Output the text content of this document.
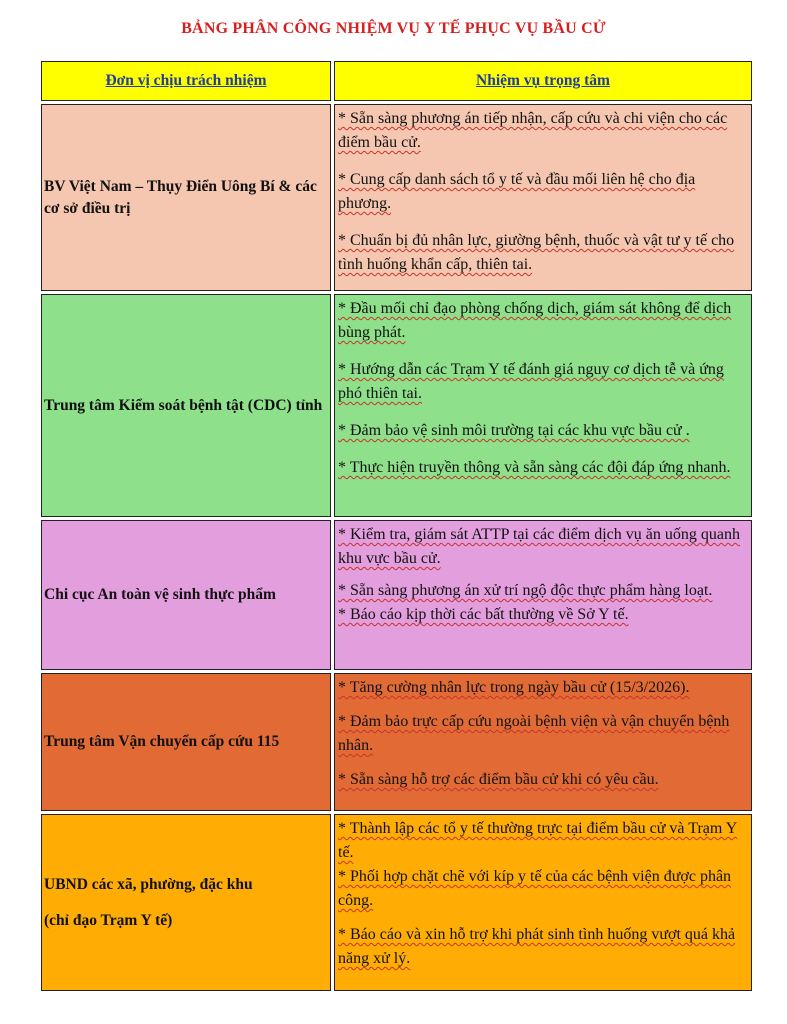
BẢNG PHÂN CÔNG NHIỆM VỤ Y TẾ PHỤC VỤ BẦU CỬ
Đơn vị chịu trách nhiệm	Nhiệm vụ trọng tâm

BV Việt Nam – Thụy Điển Uông Bí & các cơ sở điều trị

* Sẵn sàng phương án tiếp nhận, cấp cứu và chi viện cho các điểm bầu cử.

* Cung cấp danh sách tổ y tế và đầu mối liên hệ cho địa phương.

* Chuẩn bị đủ nhân lực, giường bệnh, thuốc và vật tư y tế cho tình huống khẩn cấp, thiên tai.

Trung tâm Kiểm soát bệnh tật (CDC) tỉnh

* Đầu mối chỉ đạo phòng chống dịch, giám sát không để dịch bùng phát.

* Hướng dẫn các Trạm Y tế đánh giá nguy cơ dịch tễ và ứng phó thiên tai.

* Đảm bảo vệ sinh môi trường tại các khu vực bầu cử .

* Thực hiện truyền thông và sẵn sàng các đội đáp ứng nhanh.

Chi cục An toàn vệ sinh thực phẩm

* Kiểm tra, giám sát ATTP tại các điểm dịch vụ ăn uống quanh khu vực bầu cử.

* Sẵn sàng phương án xử trí ngộ độc thực phẩm hàng loạt.

* Báo cáo kịp thời các bất thường về Sở Y tế.

Trung tâm Vận chuyển cấp cứu 115

* Tăng cường nhân lực trong ngày bầu cử (15/3/2026).

* Đảm bảo trực cấp cứu ngoài bệnh viện và vận chuyển bệnh nhân.

* Sẵn sàng hỗ trợ các điểm bầu cử khi có yêu cầu.

UBND các xã, phường, đặc khu

(chỉ đạo Trạm Y tế)

* Thành lập các tổ y tế thường trực tại điểm bầu cử và Trạm Y tế.

* Phối hợp chặt chẽ với kíp y tế của các bệnh viện được phân công.

* Báo cáo và xin hỗ trợ khi phát sinh tình huống vượt quá khả năng xử lý.
